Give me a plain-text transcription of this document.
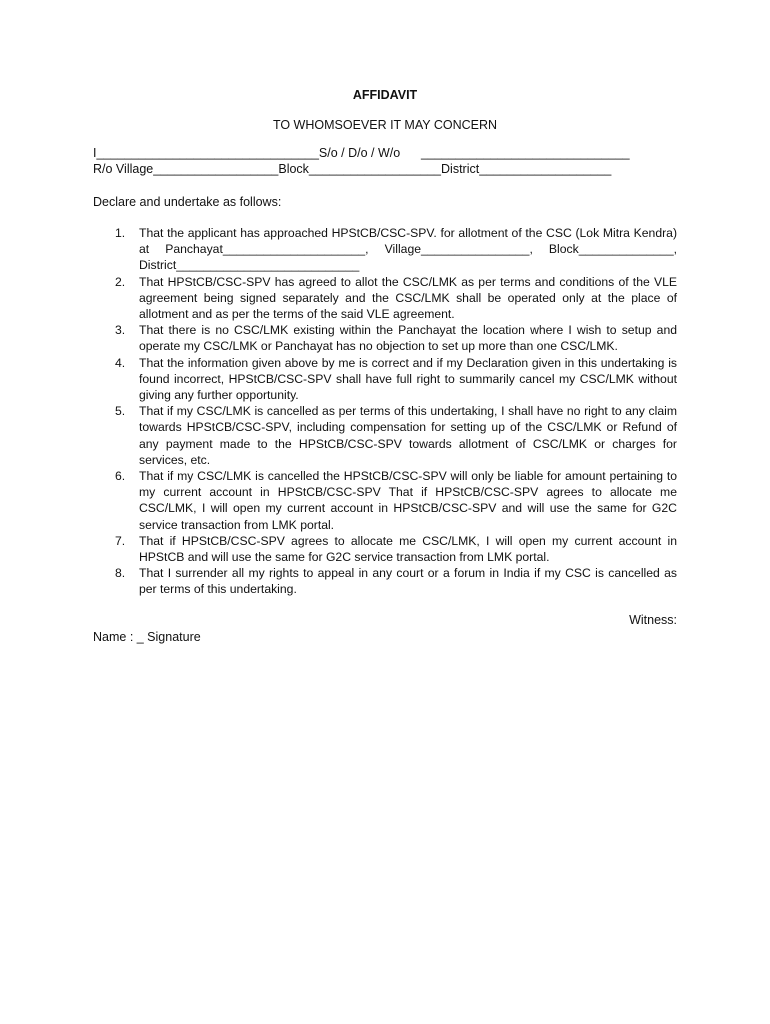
AFFIDAVIT
TO WHOMSOEVER IT MAY CONCERN
I________________________________S/o / D/o / W/o      ______________________________
R/o Village__________________Block___________________District___________________
Declare and undertake as follows:
1. That the applicant has approached HPStCB/CSC-SPV. for allotment of the CSC (Lok Mitra Kendra) at Panchayat_____________________, Village________________, Block______________, District___________________________
2. That HPStCB/CSC-SPV has agreed to allot the CSC/LMK as per terms and conditions of the VLE agreement being signed separately and the CSC/LMK shall be operated only at the place of allotment and as per the terms of the said VLE agreement.
3. That there is no CSC/LMK existing within the Panchayat the location where I wish to setup and operate my CSC/LMK or Panchayat has no objection to set up more than one CSC/LMK.
4. That the information given above by me is correct and if my Declaration given in this undertaking is found incorrect, HPStCB/CSC-SPV shall have full right to summarily cancel my CSC/LMK without giving any further opportunity.
5. That if my CSC/LMK is cancelled as per terms of this undertaking, I shall have no right to any claim towards HPStCB/CSC-SPV, including compensation for setting up of the CSC/LMK or Refund of any payment made to the HPStCB/CSC-SPV towards allotment of CSC/LMK or charges for services, etc.
6. That if my CSC/LMK is cancelled the HPStCB/CSC-SPV will only be liable for amount pertaining to my current account in HPStCB/CSC-SPV That if HPStCB/CSC-SPV agrees to allocate me CSC/LMK, I will open my current account in HPStCB/CSC-SPV and will use the same for G2C service transaction from LMK portal.
7. That if HPStCB/CSC-SPV agrees to allocate me CSC/LMK, I will open my current account in HPStCB and will use the same for G2C service transaction from LMK portal.
8. That I surrender all my rights to appeal in any court or a forum in India if my CSC is cancelled as per terms of this undertaking.
Witness:
Name : _ Signature
